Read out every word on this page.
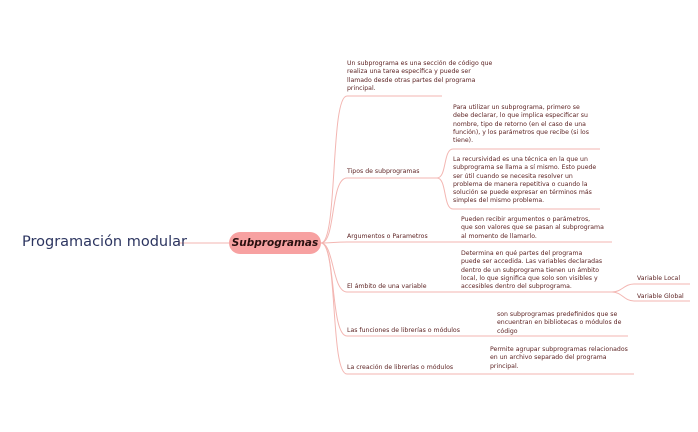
Programación modular	Subprogramas
Un subprograma es una sección de código que
realiza una tarea específica y puede ser
llamado desde otras partes del programa
principal.
Tipos de subprogramas
Argumentos o Parametros
El ámbito de una variable
Las funciones de librerías o módulos
La creación de librerías o módulos
Para utilizar un subprograma, primero se
debe declarar, lo que implica especificar su
nombre, tipo de retorno (en el caso de una
función), y los parámetros que recibe (si los
tiene).
La recursividad es una técnica en la que un
subprograma se llama a sí mismo. Esto puede
ser útil cuando se necesita resolver un
problema de manera repetitiva o cuando la
solución se puede expresar en términos más
simples del mismo problema.
Pueden recibir argumentos o parámetros,
que son valores que se pasan al subprograma
al momento de llamarlo.
Determina en qué partes del programa
puede ser accedida. Las variables declaradas
dentro de un subprograma tienen un ámbito
local, lo que significa que solo son visibles y
accesibles dentro del subprograma.
Variable Local
Variable Global
son subprogramas predefinidos que se
encuentran en bibliotecas o módulos de
código
Permite agrupar subprogramas relacionados
en un archivo separado del programa
principal.
